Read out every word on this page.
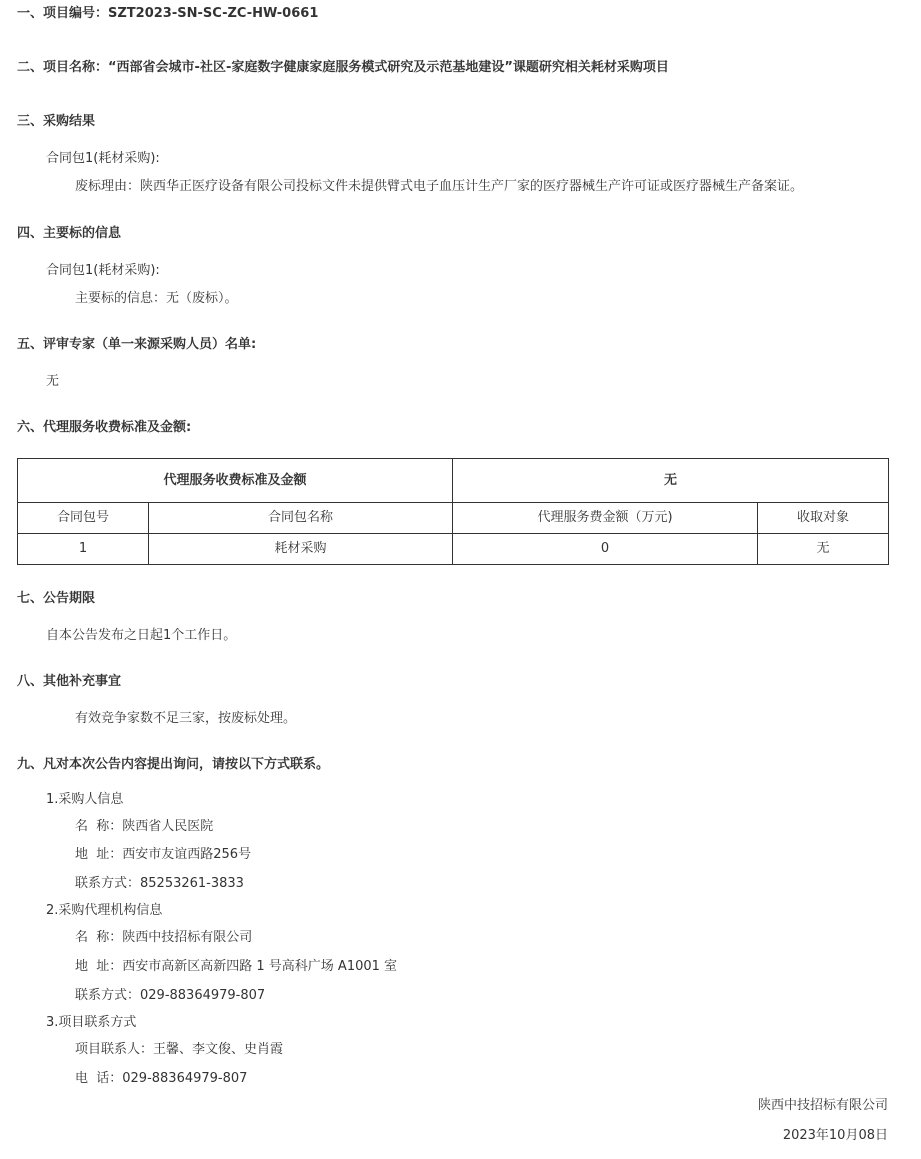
一、项目编号：SZT2023-SN-SC-ZC-HW-0661
二、项目名称：“西部省会城市-社区-家庭数字健康家庭服务模式研究及示范基地建设”课题研究相关耗材采购项目
三、采购结果
合同包1(耗材采购):
废标理由：陕西华正医疗设备有限公司投标文件未提供臂式电子血压计生产厂家的医疗器械生产许可证或医疗器械生产备案证。
四、主要标的信息
合同包1(耗材采购):
主要标的信息：无（废标）。
五、评审专家（单一来源采购人员）名单:
无
六、代理服务收费标准及金额:
代理服务收费标准及金额		无	
合同包号	合同包名称	代理服务费金额（万元)	收取对象
1	耗材采购	0	无
七、公告期限
自本公告发布之日起1个工作日。
八、其他补充事宜
有效竞争家数不足三家，按废标处理。
九、凡对本次公告内容提出询问，请按以下方式联系。
1.采购人信息
名  称：陕西省人民医院
地  址：西安市友谊西路256号
联系方式：85253261-3833
2.采购代理机构信息
名  称：陕西中技招标有限公司
地  址：西安市高新区高新四路 1 号高科广场 A1001 室
联系方式：029-88364979-807
3.项目联系方式
项目联系人：王馨、李文俊、史肖霞
电  话：029-88364979-807
陕西中技招标有限公司
2023年10月08日
